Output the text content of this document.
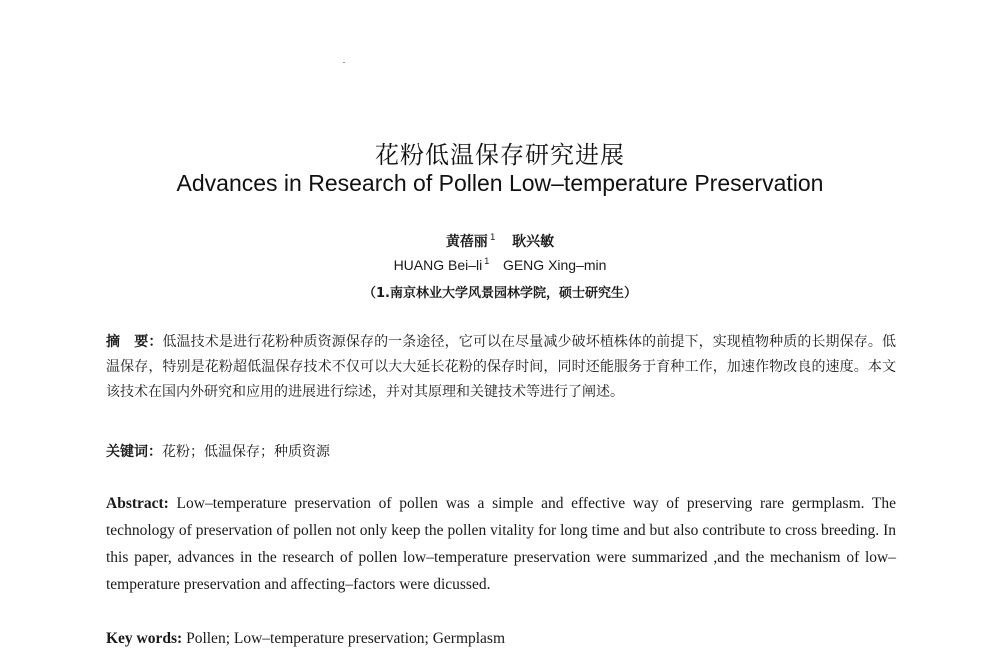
花粉低温保存研究进展
Advances in Research of Pollen Low–temperature Preservation
黄蓓丽 $^1$ 耿兴敏
HUANG Bei–li $^1$ GENG Xing–min
（1.南京林业大学风景园林学院，硕士研究生）
摘　要：低温技术是进行花粉种质资源保存的一条途径，它可以在尽量减少破坏植株体的前提下，实现植物种质的长期保存。低温保存，特别是花粉超低温保存技术不仅可以大大延长花粉的保存时间，同时还能服务于育种工作，加速作物改良的速度。本文该技术在国内外研究和应用的进展进行综述，并对其原理和关键技术等进行了阐述。
关键词：花粉；低温保存；种质资源
Abstract: Low–temperature preservation of pollen was a simple and effective way of preserving rare germplasm. The technology of preservation of pollen not only keep the pollen vitality for long time and but also contribute to cross breeding. In this paper, advances in the research of pollen low–temperature preservation were summarized ,and the mechanism of low–temperature preservation and affecting–factors were dicussed.
Key words: Pollen; Low–temperature preservation; Germplasm
